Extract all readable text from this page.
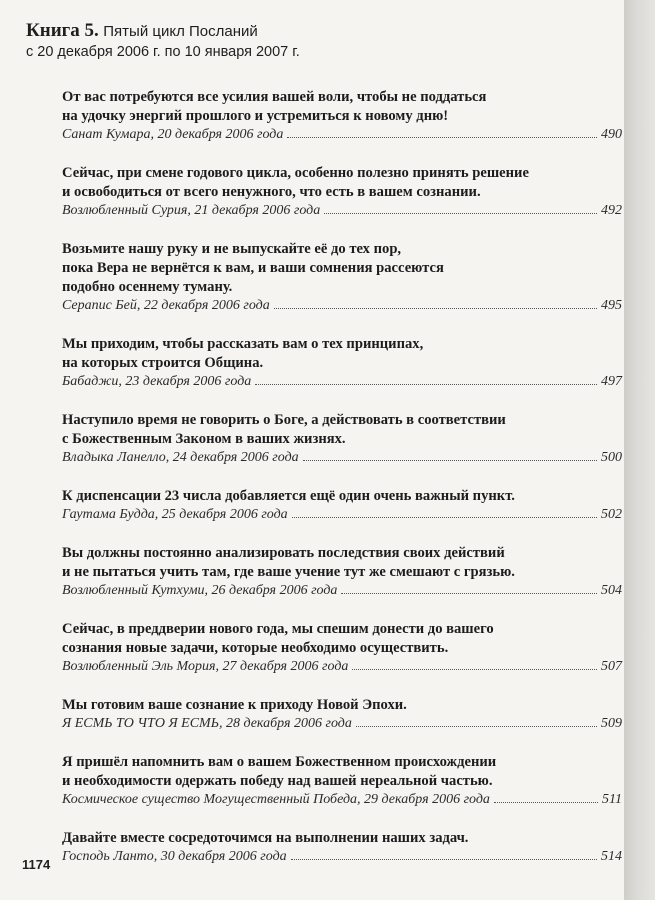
Книга 5. Пятый цикл Посланий
с 20 декабря 2006 г. по 10 января 2007 г.
От вас потребуются все усилия вашей воли, чтобы не поддаться
на удочку энергий прошлого и устремиться к новому дню!
Санат Кумара, 20 декабря 2006 года	490
Сейчас, при смене годового цикла, особенно полезно принять решение
и освободиться от всего ненужного, что есть в вашем сознании.
Возлюбленный Сурия, 21 декабря 2006 года	492
Возьмите нашу руку и не выпускайте её до тех пор,
пока Вера не вернётся к вам, и ваши сомнения рассеются
подобно осеннему туману.
Серапис Бей, 22 декабря 2006 года	495
Мы приходим, чтобы рассказать вам о тех принципах,
на которых строится Община.
Бабаджи, 23 декабря 2006 года	497
Наступило время не говорить о Боге, а действовать в соответствии
с Божественным Законом в ваших жизнях.
Владыка Ланелло, 24 декабря 2006 года	500
К диспенсации 23 числа добавляется ещё один очень важный пункт.
Гаутама Будда, 25 декабря 2006 года	502
Вы должны постоянно анализировать последствия своих действий
и не пытаться учить там, где ваше учение тут же смешают с грязью.
Возлюбленный Кутхуми, 26 декабря 2006 года	504
Сейчас, в преддверии нового года, мы спешим донести до вашего
сознания новые задачи, которые необходимо осуществить.
Возлюбленный Эль Мория, 27 декабря 2006 года	507
Мы готовим ваше сознание к приходу Новой Эпохи.
Я ЕСМЬ ТО ЧТО Я ЕСМЬ, 28 декабря 2006 года	509
Я пришёл напомнить вам о вашем Божественном происхождении
и необходимости одержать победу над вашей нереальной частью.
Космическое существо Могущественный Победа, 29 декабря 2006 года	511
Давайте вместе сосредоточимся на выполнении наших задач.
Господь Ланто, 30 декабря 2006 года	514
1174
